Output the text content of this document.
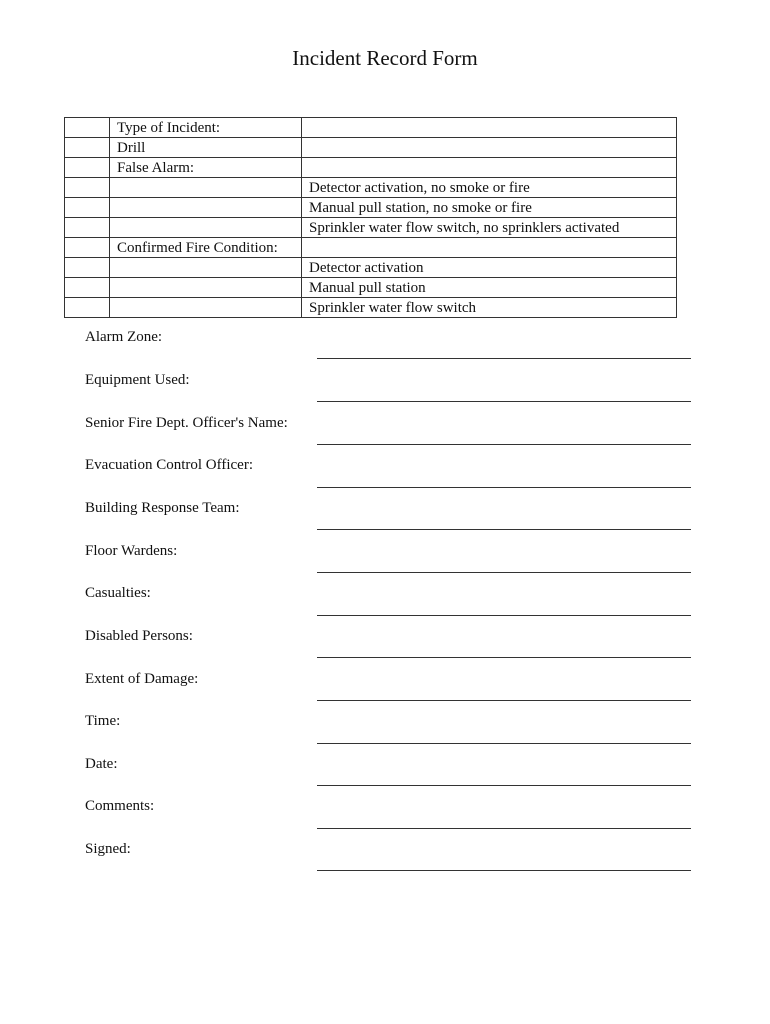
Incident Record Form
	Type of Incident:	
	Drill	
	False Alarm:	
		Detector activation, no smoke or fire
		Manual pull station, no smoke or fire
		Sprinkler water flow switch, no sprinklers activated
	Confirmed Fire Condition:	
		Detector activation
		Manual pull station
		Sprinkler water flow switch
Alarm Zone:
Equipment Used:
Senior Fire Dept. Officer's Name:
Evacuation Control Officer:
Building Response Team:
Floor Wardens:
Casualties:
Disabled Persons:
Extent of Damage:
Time:
Date:
Comments:
Signed:
